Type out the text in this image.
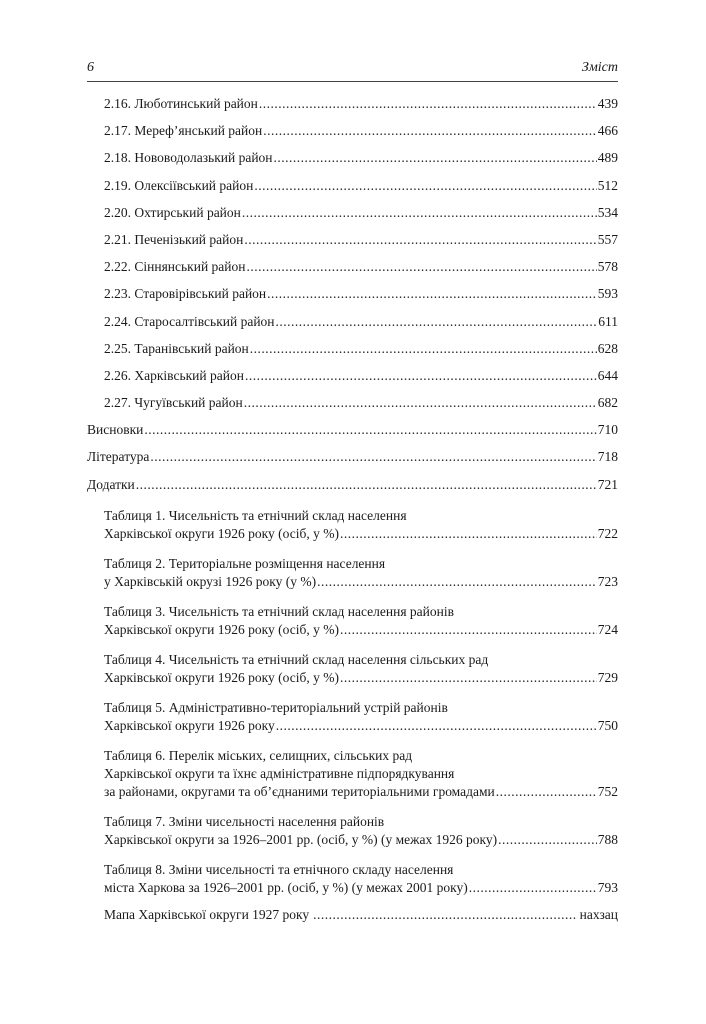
6	Зміст
2.16. Люботинський район .....	439
2.17. Мереф’янський район .....	466
2.18. Нововодолазький район .....	489
2.19. Олексіївський район .....	512
2.20. Охтирський район .....	534
2.21. Печенізький район .....	557
2.22. Сіннянський район .....	578
2.23. Старовірівський район .....	593
2.24. Старосалтівський район .....	611
2.25. Таранівський район .....	628
2.26. Харківський район .....	644
2.27. Чугуївський район .....	682
Висновки .....	710
Література .....	718
Додатки .....	721
Таблиця 1. Чисельність та етнічний склад населення
Харківської округи 1926 року (осіб, у %) .....	722
Таблиця 2. Територіальне розміщення населення
у Харківській окрузі 1926 року (у %) .....	723
Таблиця 3. Чисельність та етнічний склад населення районів
Харківської округи 1926 року (осіб, у %) .....	724
Таблиця 4. Чисельність та етнічний склад населення сільських рад
Харківської округи 1926 року (осіб, у %) .....	729
Таблиця 5. Адміністративно-територіальний устрій районів
Харківської округи 1926 року .....	750
Таблиця 6. Перелік міських, селищних, сільських рад
Харківської округи та їхнє адміністративне підпорядкування
за районами, округами та об’єднаними територіальними громадами .....	752
Таблиця 7. Зміни чисельності населення районів
Харківської округи за 1926–2001 рр. (осіб, у %) (у межах 1926 року) .....	788
Таблиця 8. Зміни чисельності та етнічного складу населення
міста Харкова за 1926–2001 рр. (осіб, у %) (у межах 2001 року) .....	793
Мапа Харківської округи 1927 року .....	нахзац
